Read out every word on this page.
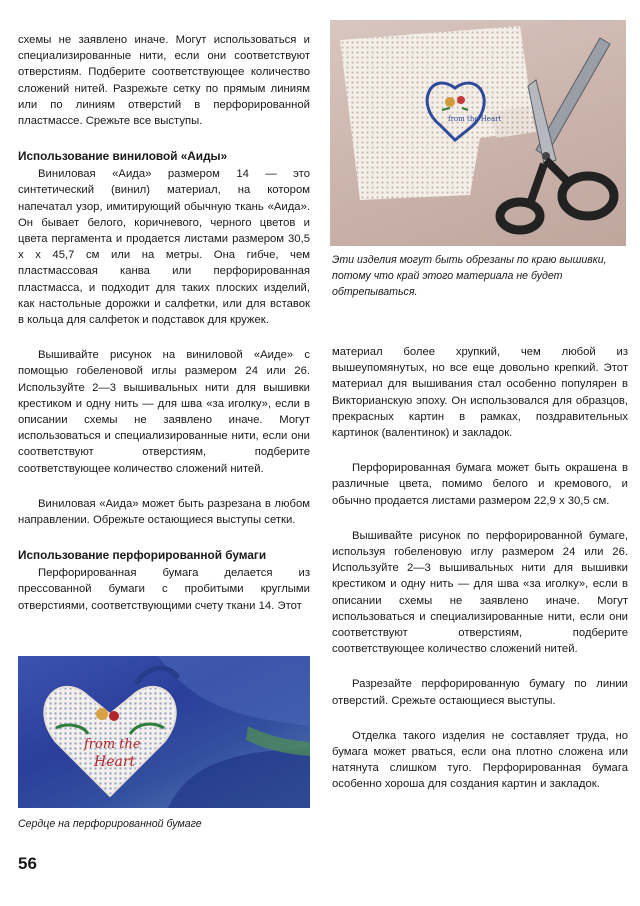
схемы не заявлено иначе. Могут использоваться и специализированные нити, если они соответствуют отверстиям. Подберите соответствующее количество сложений нитей. Разрежьте сетку по прямым линиям или по линиям отверстий в перфорированной пластмассе. Срежьте все выступы.

Использование виниловой «Аиды»

Виниловая «Аида» размером 14 — это синтетический (винил) материал, на котором напечатал узор, имитирующий обычную ткань «Аида». Он бывает белого, коричневого, черного цветов и цвета пергамента и продается листами размером 30,5 х х 45,7 см или на метры. Она гибче, чем пластмассовая канва или перфорированная пластмасса, и подходит для таких плоских изделий, как настольные дорожки и салфетки, или для вставок в кольца для салфеток и подставок для кружек.

Вышивайте рисунок на виниловой «Аиде» с помощью гобеленовой иглы размером 24 или 26. Используйте 2—3 вышивальных нити для вышивки крестиком и одну нить — для шва «за иголку», если в описании схемы не заявлено иначе. Могут использоваться и специализированные нити, если они соответствуют отверстиям, подберите соответствующее количество сложений нитей.

Виниловая «Аида» может быть разрезана в любом направлении. Обрежьте остающиеся выступы сетки.

Использование перфорированной бумаги

Перфорированная бумага делается из прессованной бумаги с пробитыми круглыми отверстиями, соответствующими счету ткани 14. Этот

from the Heart

Эти изделия могут быть обрезаны по краю вышивки, потому что край этого материала не будет обтрепываться.

материал более хрупкий, чем любой из вышеупомянутых, но все еще довольно крепкий. Этот материал для вышивания стал особенно популярен в Викторианскую эпоху. Он использовался для образцов, прекрасных картин в рамках, поздравительных картинок (валентинок) и закладок.

Перфорированная бумага может быть окрашена в различные цвета, помимо белого и кремового, и обычно продается листами размером 22,9 х 30,5 см.

Вышивайте рисунок по перфорированной бумаге, используя гобеленовую иглу размером 24 или 26. Используйте 2—3 вышивальных нити для вышивки крестиком и одну нить — для шва «за иголку», если в описании схемы не заявлено иначе. Могут использоваться и специализированные нити, если они соответствуют отверстиям, подберите соответствующее количество сложений нитей.

Разрезайте перфорированную бумагу по линии отверстий. Срежьте остающиеся выступы.

Отделка такого изделия не составляет труда, но бумага может рваться, если она плотно сложена или натянута слишком туго. Перфорированная бумага особенно хороша для создания картин и закладок.

from the
Heart

Сердце на перфорированной бумаге

56
